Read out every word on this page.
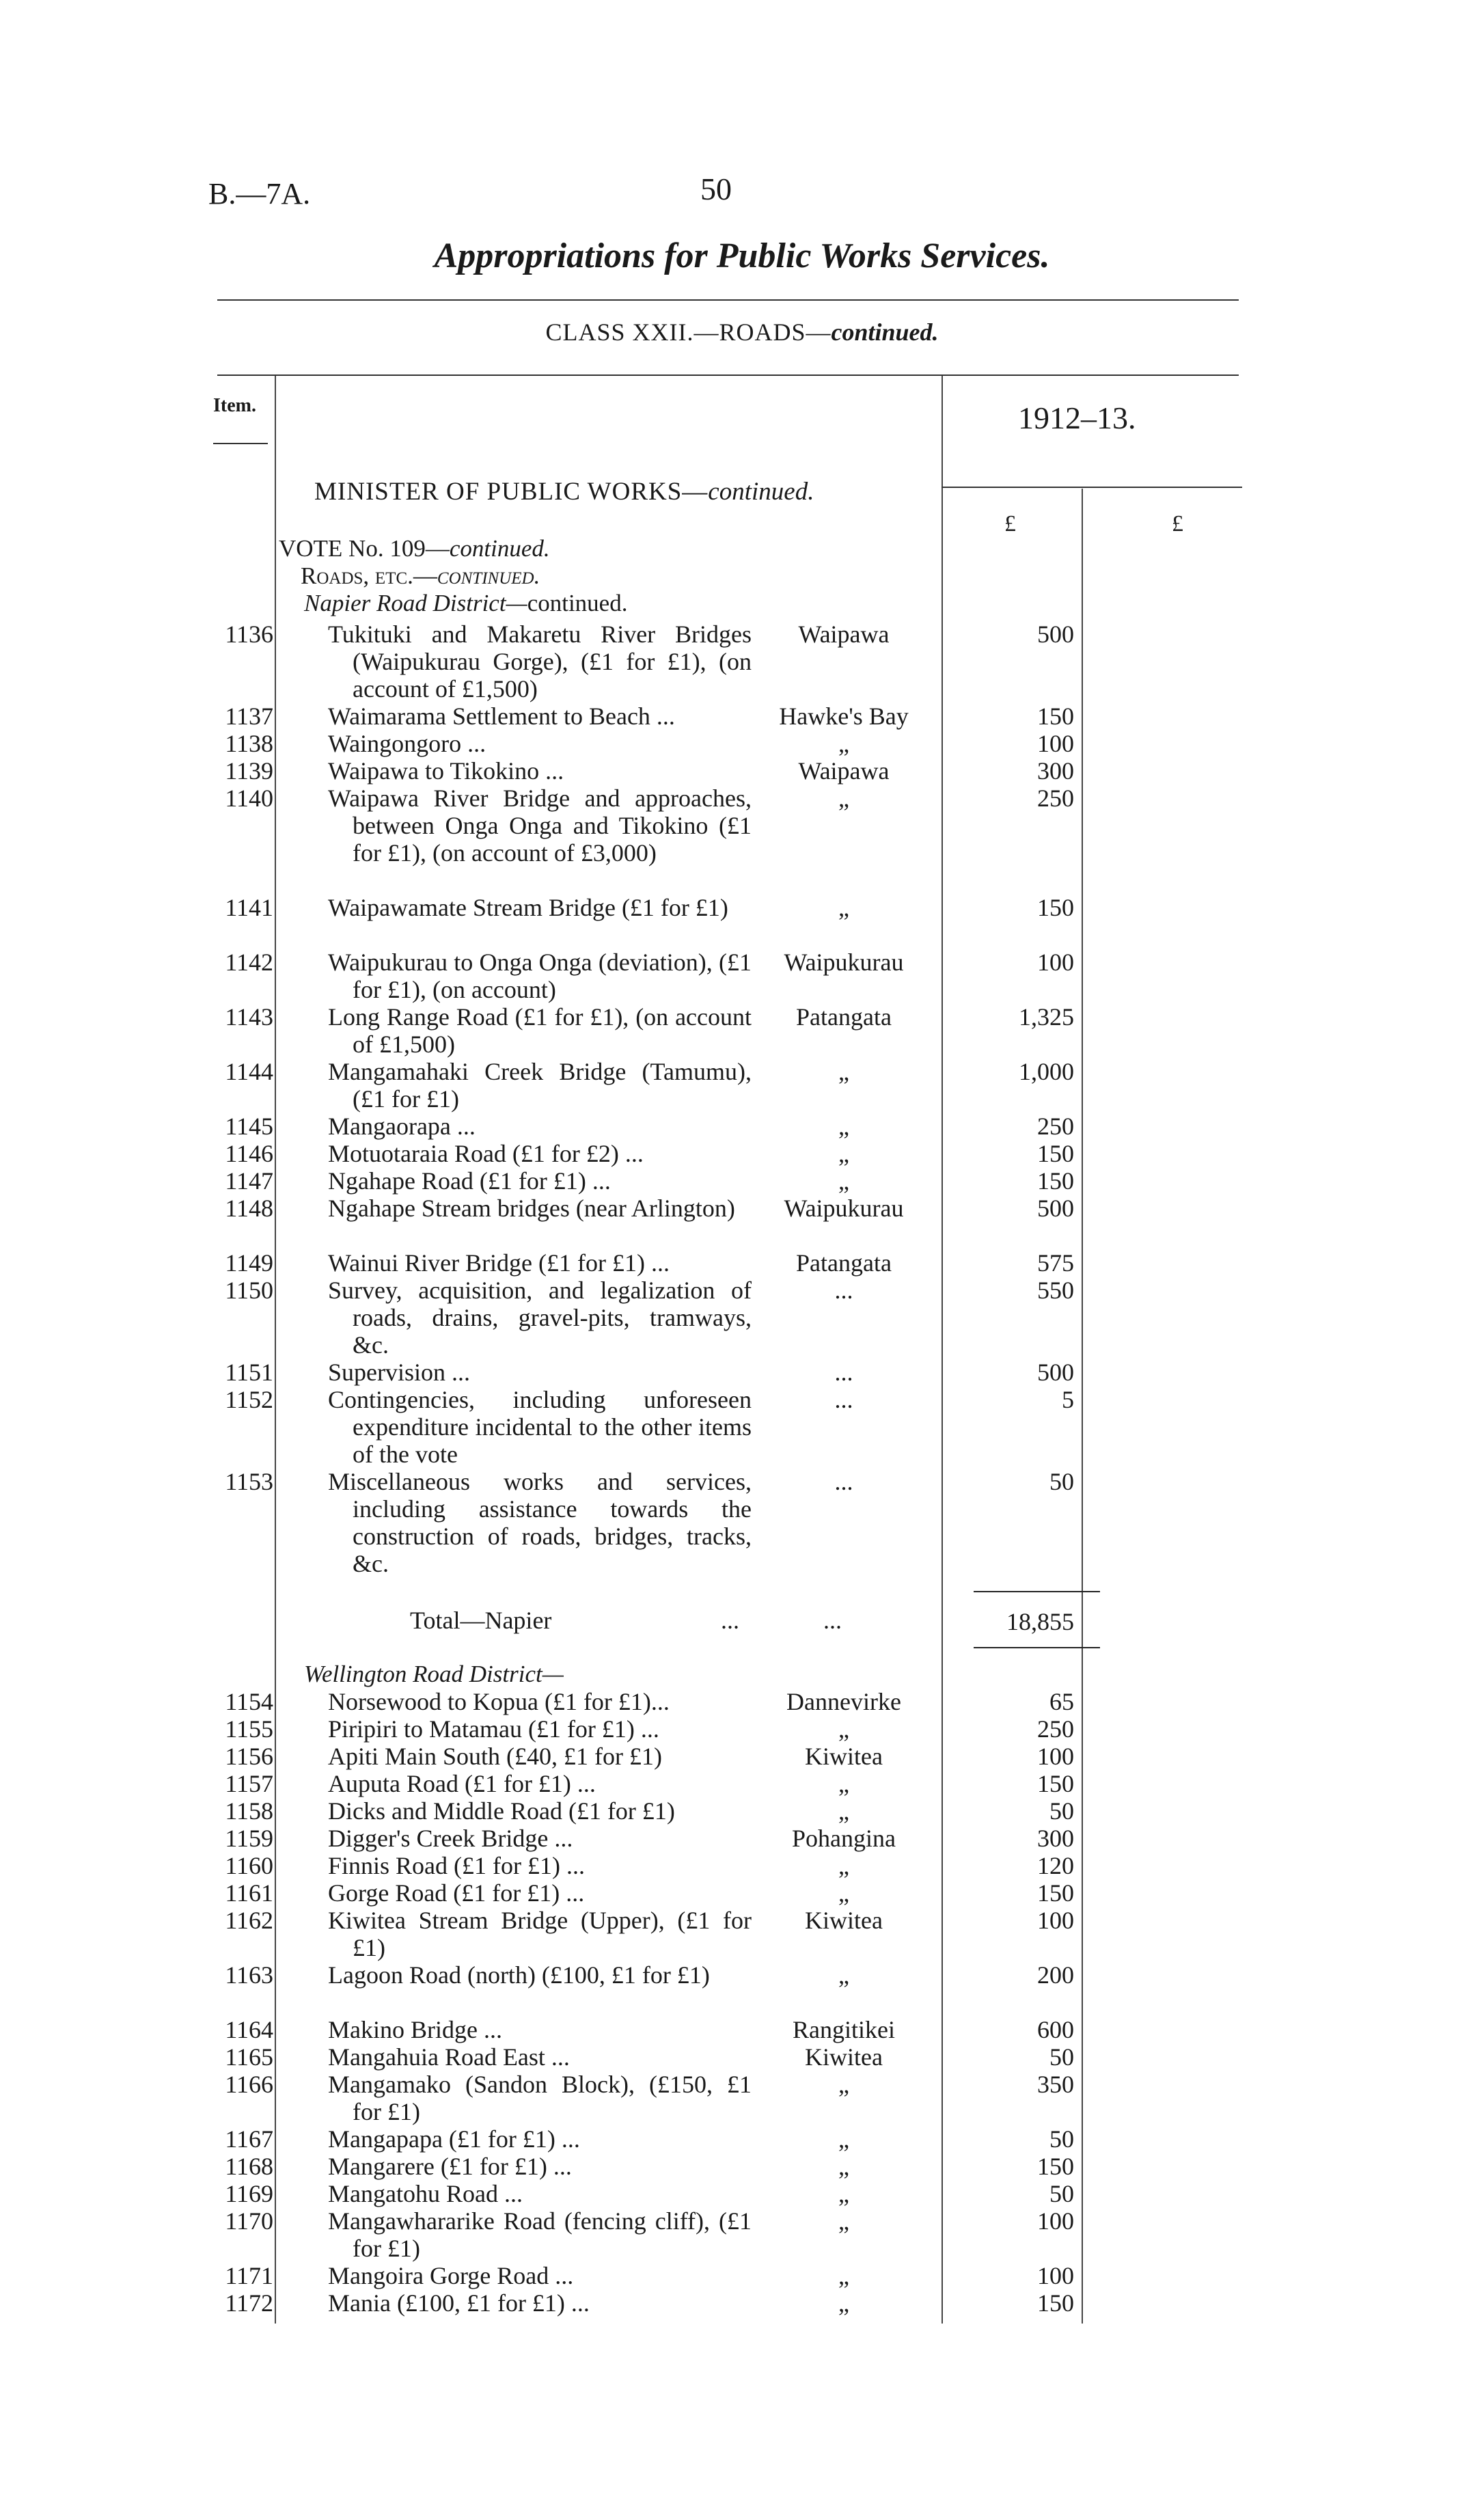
B.—7A.	50
Appropriations for Public Works Services.
CLASS XXII.—ROADS—continued.
Item.	1912–13.
£	£
MINISTER OF PUBLIC WORKS—continued.
VOTE No. 109—continued.
Roads, etc.—continued.
Napier Road District—continued.
1136 Tukituki and Makaretu River Bridges (Waipukurau Gorge), (£1 for £1), (on account of £1,500)
Waipawa	500
1137 Waimarama Settlement to Beach ...	Hawke's Bay	150
1138 Waingongoro ...	„	100
1139 Waipawa to Tikokino ...	Waipawa	300
1140 Waipawa River Bridge and approaches, between Onga Onga and Tikokino (£1 for £1), (on account of £3,000)
„	250
1141 Waipawamate Stream Bridge (£1 for £1)	„	150
1142 Waipukurau to Onga Onga (deviation), (£1 for £1), (on account)
Waipukurau	100
1143 Long Range Road (£1 for £1), (on account of £1,500)
Patangata	1,325
1144 Mangamahaki Creek Bridge (Tamumu), (£1 for £1)
„	1,000
1145 Mangaorapa ...	„	250
1146 Motuotaraia Road (£1 for £2) ...	„	150
1147 Ngahape Road (£1 for £1) ...	„	150
1148 Ngahape Stream bridges (near Arlington)	Waipukurau	500
1149 Wainui River Bridge (£1 for £1) ...	Patangata	575
1150 Survey, acquisition, and legalization of roads, drains, gravel-pits, tramways, &c.
...	550
1151 Supervision ...	...	500
1152 Contingencies, including unforeseen expenditure incidental to the other items of the vote
...	5
1153 Miscellaneous works and services, including assistance towards the construction of roads, bridges, tracks, &c.
...	50
Total—Napier	...	...	18,855
Wellington Road District—
1154 Norsewood to Kopua (£1 for £1)...	Dannevirke	65
1155 Piripiri to Matamau (£1 for £1) ...	„	250
1156 Apiti Main South (£40, £1 for £1)	Kiwitea	100
1157 Auputa Road (£1 for £1) ...	„	150
1158 Dicks and Middle Road (£1 for £1)	„	50
1159 Digger's Creek Bridge ...	Pohangina	300
1160 Finnis Road (£1 for £1) ...	„	120
1161 Gorge Road (£1 for £1) ...	„	150
1162 Kiwitea Stream Bridge (Upper), (£1 for £1)
Kiwitea	100
1163 Lagoon Road (north) (£100, £1 for £1)	„	200
1164 Makino Bridge ...	Rangitikei	600
1165 Mangahuia Road East ...	Kiwitea	50
1166 Mangamako (Sandon Block), (£150, £1 for £1)
„	350
1167 Mangapapa (£1 for £1) ...	„	50
1168 Mangarere (£1 for £1) ...	„	150
1169 Mangatohu Road ...	„	50
1170 Mangawhararike Road (fencing cliff), (£1 for £1)
„	100
1171 Mangoira Gorge Road ...	„	100
1172 Mania (£100, £1 for £1) ...	„	150
